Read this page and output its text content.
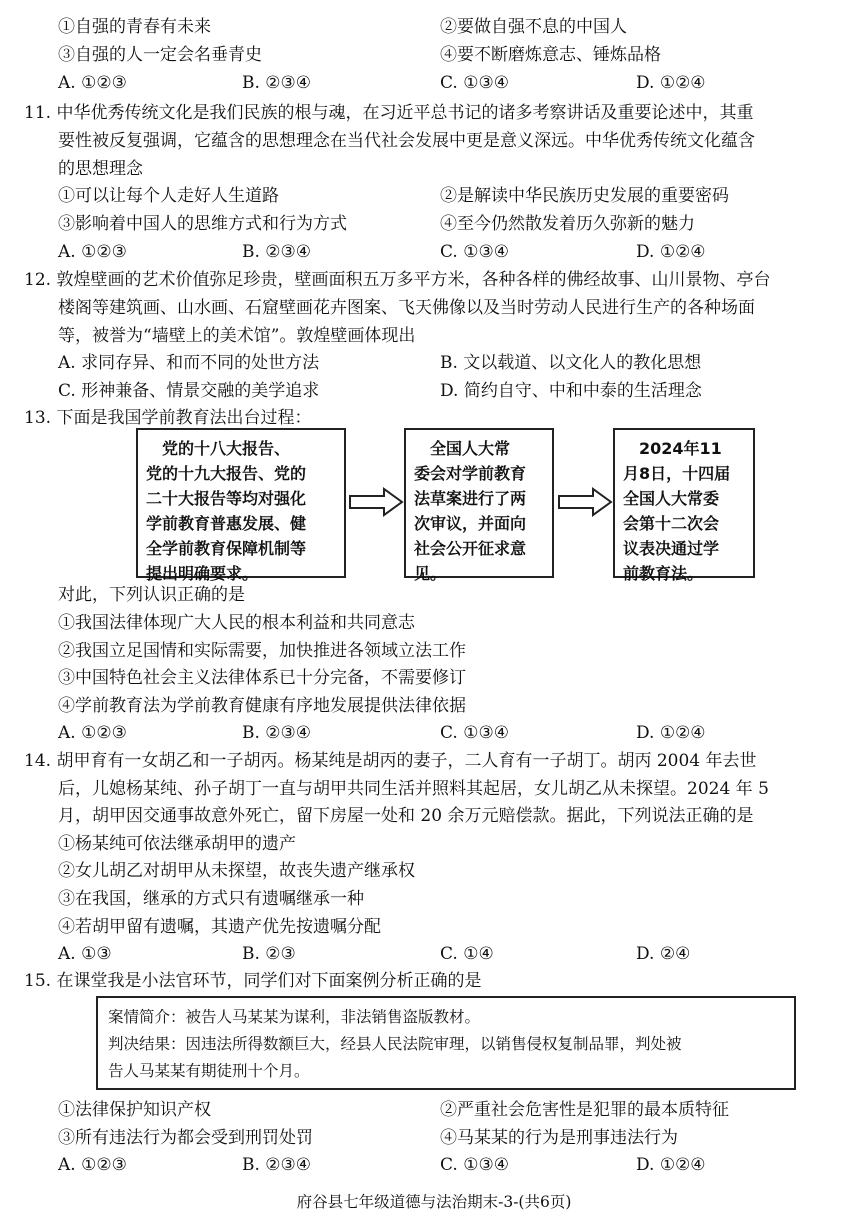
①自强的青春有未来	②要做自强不息的中国人
③自强的人一定会名垂青史	④要不断磨炼意志、锤炼品格
A. ①②③	B. ②③④	C. ①③④	D. ①②④
11. 中华优秀传统文化是我们民族的根与魂，在习近平总书记的诸多考察讲话及重要论述中，其重
要性被反复强调，它蕴含的思想理念在当代社会发展中更是意义深远。中华优秀传统文化蕴含
的思想理念
①可以让每个人走好人生道路	②是解读中华民族历史发展的重要密码
③影响着中国人的思维方式和行为方式	④至今仍然散发着历久弥新的魅力
A. ①②③	B. ②③④	C. ①③④	D. ①②④
12. 敦煌壁画的艺术价值弥足珍贵，壁画面积五万多平方米，各种各样的佛经故事、山川景物、亭台
楼阁等建筑画、山水画、石窟壁画花卉图案、飞天佛像以及当时劳动人民进行生产的各种场面
等，被誉为“墙壁上的美术馆”。敦煌壁画体现出
A. 求同存异、和而不同的处世方法	B. 文以载道、以文化人的教化思想
C. 形神兼备、情景交融的美学追求	D. 简约自守、中和中泰的生活理念
13. 下面是我国学前教育法出台过程：
　党的十八大报告、
党的十九大报告、党的
二十大报告等均对强化
学前教育普惠发展、健
全学前教育保障机制等
提出明确要求。
　全国人大常
委会对学前教育
法草案进行了两
次审议，并面向
社会公开征求意
见。
　2024年11
月8日，十四届
全国人大常委
会第十二次会
议表决通过学
前教育法。
对此，下列认识正确的是
①我国法律体现广大人民的根本利益和共同意志
②我国立足国情和实际需要，加快推进各领域立法工作
③中国特色社会主义法律体系已十分完备，不需要修订
④学前教育法为学前教育健康有序地发展提供法律依据
A. ①②③	B. ②③④	C. ①③④	D. ①②④
14. 胡甲育有一女胡乙和一子胡丙。杨某纯是胡丙的妻子，二人育有一子胡丁。胡丙 2004 年去世
后，儿媳杨某纯、孙子胡丁一直与胡甲共同生活并照料其起居，女儿胡乙从未探望。2024 年 5
月，胡甲因交通事故意外死亡，留下房屋一处和 20 余万元赔偿款。据此，下列说法正确的是
①杨某纯可依法继承胡甲的遗产
②女儿胡乙对胡甲从未探望，故丧失遗产继承权
③在我国，继承的方式只有遗嘱继承一种
④若胡甲留有遗嘱，其遗产优先按遗嘱分配
A. ①③	B. ②③	C. ①④	D. ②④
15. 在课堂我是小法官环节，同学们对下面案例分析正确的是
案情简介：被告人马某某为谋利，非法销售盗版教材。
判决结果：因违法所得数额巨大，经县人民法院审理，以销售侵权复制品罪，判处被
告人马某某有期徒刑十个月。
①法律保护知识产权	②严重社会危害性是犯罪的最本质特征
③所有违法行为都会受到刑罚处罚	④马某某的行为是刑事违法行为
A. ①②③	B. ②③④	C. ①③④	D. ①②④
府谷县七年级道德与法治期末-3-(共6页)
